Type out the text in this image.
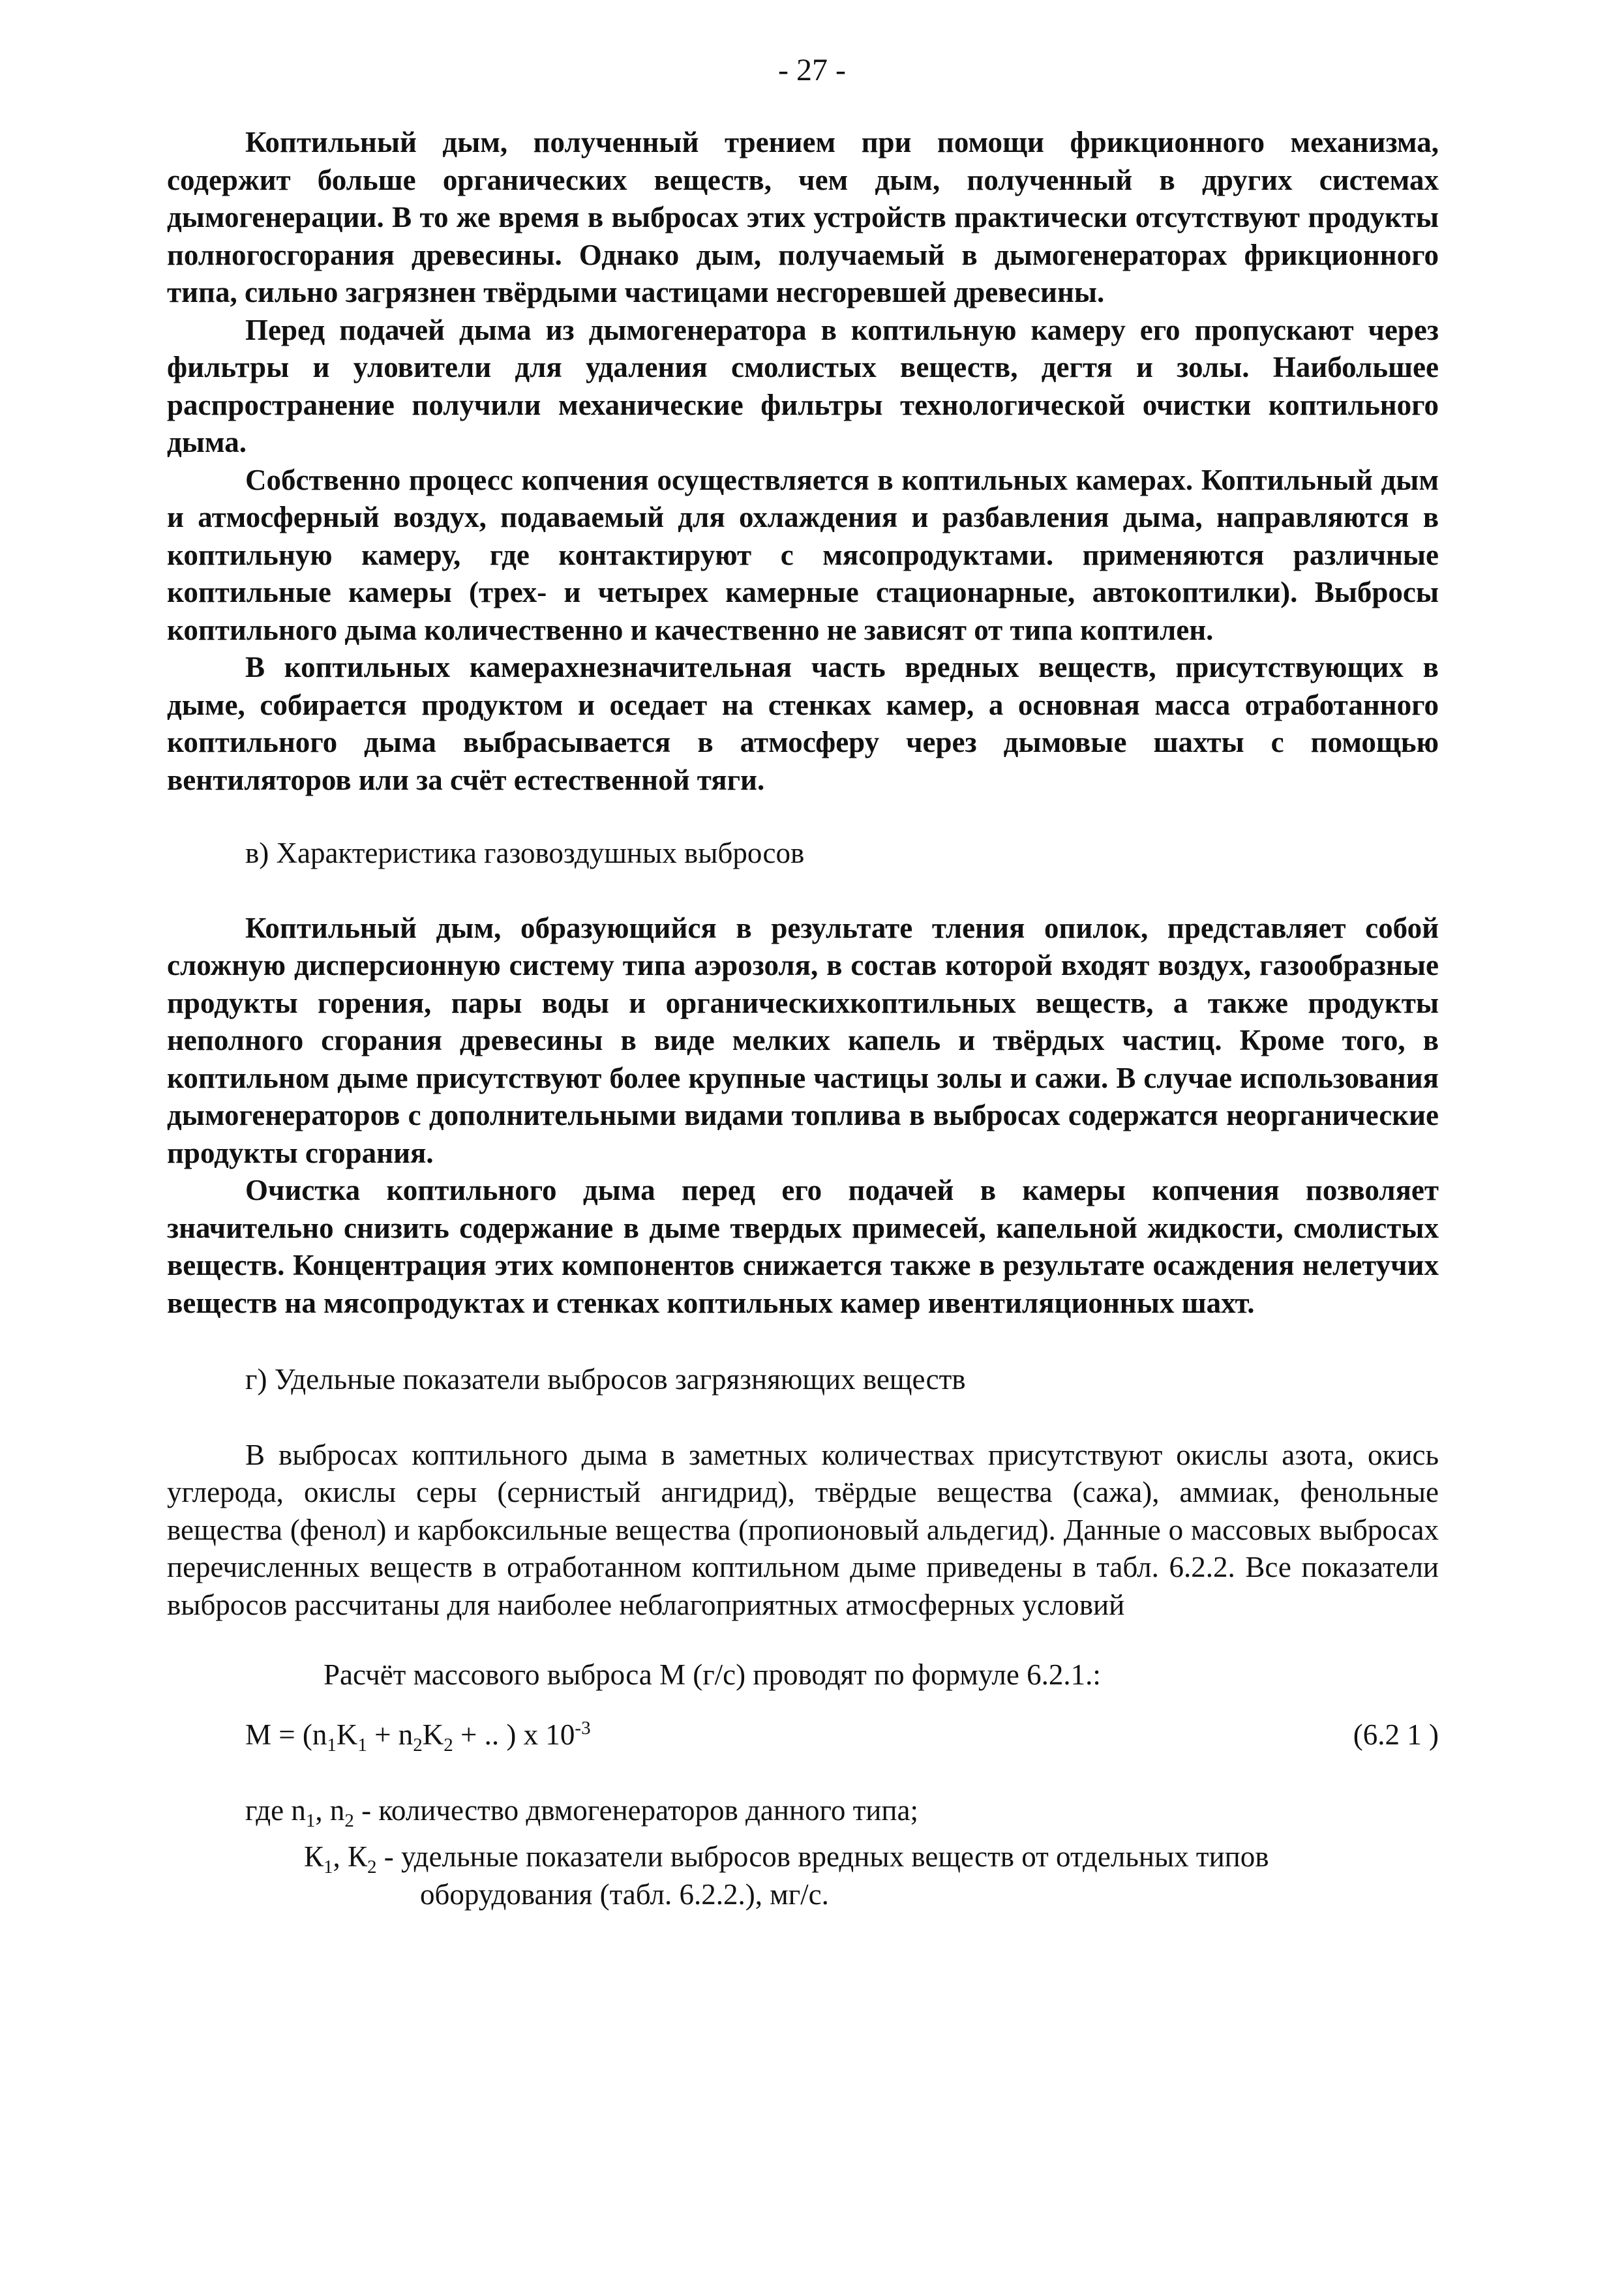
- 27 -

Коптильный дым, полученный трением при помощи фрикционного механизма, содержит больше органических веществ, чем дым, полученный в других системах дымогенерации. В то же время в выбросах этих устройств практически отсутствуют продукты полногосгорания древесины. Однако дым, получаемый в дымогенераторах фрикционного типа, сильно загрязнен твёрдыми частицами несгоревшей древесины.

Перед подачей дыма из дымогенератора в коптильную камеру его пропускают через фильтры и уловители для удаления смолистых веществ, дегтя и золы. Наибольшее распространение получили механические фильтры технологической очистки коптильного дыма.

Собственно процесс копчения осуществляется в коптильных камерах. Коптильный дым и атмосферный воздух, подаваемый для охлаждения и разбавления дыма, направляются в коптильную камеру, где контактируют с мясопродуктами. применяются различные коптильные камеры (трех- и четырех камерные стационарные, автокоптилки). Выбросы коптильного дыма количественно и качественно не зависят от типа коптилен.

В коптильных камерахнезначительная часть вредных веществ, присутствующих в дыме, собирается продуктом и оседает на стенках камер, а основная масса отработанного коптильного дыма выбрасывается в атмосферу через дымовые шахты с помощью вентиляторов или за счёт естественной тяги.

в) Характеристика газовоздушных выбросов

Коптильный дым, образующийся в результате тления опилок, представляет собой сложную дисперсионную систему типа аэрозоля, в состав которой входят воздух, газообразные продукты горения, пары воды и органическихкоптильных веществ, а также продукты неполного сгорания древесины в виде мелких капель и твёрдых частиц. Кроме того, в коптильном дыме присутствуют более крупные частицы золы и сажи. В случае использования дымогенераторов с дополнительными видами топлива в выбросах содержатся неорганические продукты сгорания.

Очистка коптильного дыма перед его подачей в камеры копчения позволяет значительно снизить содержание в дыме твердых примесей, капельной жидкости, смолистых веществ. Концентрация этих компонентов снижается также в результате осаждения нелетучих веществ на мясопродуктах и стенках коптильных камер ивентиляционных шахт.

г) Удельные показатели выбросов загрязняющих веществ

В выбросах коптильного дыма в заметных количествах присутствуют окислы азота, окись углерода, окислы серы (сернистый ангидрид), твёрдые вещества (сажа), аммиак, фенольные вещества (фенол) и карбоксильные вещества (пропионовый альдегид). Данные о массовых выбросах перечисленных веществ в отработанном коптильном дыме приведены в табл. 6.2.2. Все показатели выбросов рассчитаны для наиболее неблагоприятных атмосферных условий

Расчёт массового выброса М (г/с) проводят по формуле 6.2.1.:

$М = (n_1K_1 + n_2K_2$ + .. ) х $10^{-3}$	(6.2 1 )

где $n_1$, $n_2$ - количество двмогенераторов данного типа;

$К_1$, $К_2$ - удельные показатели выбросов вредных веществ от отдельных типов

оборудования (табл. 6.2.2.), мг/с.
